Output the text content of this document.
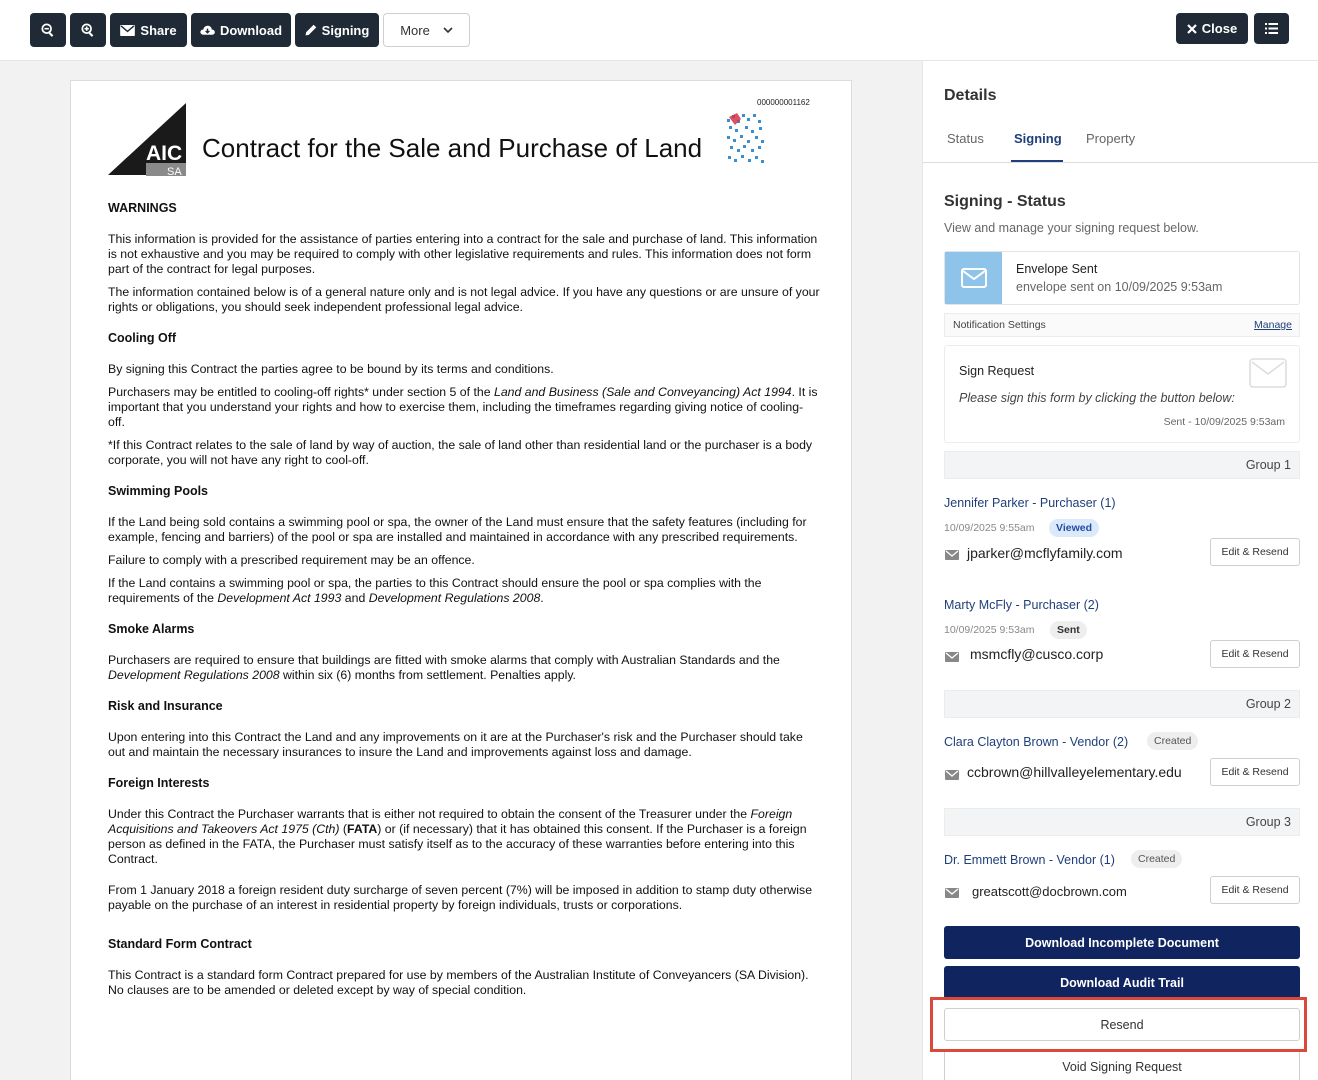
Share	Download	Signing More	Close
000000001162
AIC
SA
Contract for the Sale and Purchase of Land
WARNINGS

This information is provided for the assistance of parties entering into a contract for the sale and purchase of land. This information is not exhaustive and you may be required to comply with other legislative requirements and rules. This information does not form part of the contract for legal purposes.

The information contained below is of a general nature only and is not legal advice. If you have any questions or are unsure of your rights or obligations, you should seek independent professional legal advice.

Cooling Off

By signing this Contract the parties agree to be bound by its terms and conditions.

Purchasers may be entitled to cooling-off rights* under section 5 of the Land and Business (Sale and Conveyancing) Act 1994. It is important that you understand your rights and how to exercise them, including the timeframes regarding giving notice of cooling-off.

*If this Contract relates to the sale of land by way of auction, the sale of land other than residential land or the purchaser is a body corporate, you will not have any right to cool-off.

Swimming Pools

If the Land being sold contains a swimming pool or spa, the owner of the Land must ensure that the safety features (including for example, fencing and barriers) of the pool or spa are installed and maintained in accordance with any prescribed requirements.

Failure to comply with a prescribed requirement may be an offence.

If the Land contains a swimming pool or spa, the parties to this Contract should ensure the pool or spa complies with the requirements of the Development Act 1993 and Development Regulations 2008.

Smoke Alarms

Purchasers are required to ensure that buildings are fitted with smoke alarms that comply with Australian Standards and the Development Regulations 2008 within six (6) months from settlement. Penalties apply.

Risk and Insurance

Upon entering into this Contract the Land and any improvements on it are at the Purchaser's risk and the Purchaser should take out and maintain the necessary insurances to insure the Land and improvements against loss and damage.

Foreign Interests

Under this Contract the Purchaser warrants that is either not required to obtain the consent of the Treasurer under the Foreign Acquisitions and Takeovers Act 1975 (Cth) (FATA) or (if necessary) that it has obtained this consent. If the Purchaser is a foreign person as defined in the FATA, the Purchaser must satisfy itself as to the accuracy of these warranties before entering into this Contract.

From 1 January 2018 a foreign resident duty surcharge of seven percent (7%) will be imposed in addition to stamp duty otherwise payable on the purchase of an interest in residential property by foreign individuals, trusts or corporations.

Standard Form Contract

This Contract is a standard form Contract prepared for use by members of the Australian Institute of Conveyancers (SA Division). No clauses are to be amended or deleted except by way of special condition.

Details
Status Signing Property
Signing - Status
View and manage your signing request below.
Envelope Sent
envelope sent on 10/09/2025 9:53am
Notification Settings	Manage
Sign Request
Please sign this form by clicking the button below:
Sent - 10/09/2025 9:53am
Group 1
Jennifer Parker - Purchaser (1)
10/09/2025 9:55am	Viewed
jparker@mcflyfamily.com	Edit & Resend
Marty McFly - Purchaser (2)
10/09/2025 9:53am	Sent
msmcfly@cusco.corp	Edit & Resend
Group 2
Clara Clayton Brown - Vendor (2)	Created
ccbrown@hillvalleyelementary.edu	Edit & Resend
Group 3
Dr. Emmett Brown - Vendor (1)	Created
greatscott@docbrown.com	Edit & Resend
Download Incomplete Document
Download Audit Trail
Resend
Void Signing Request
